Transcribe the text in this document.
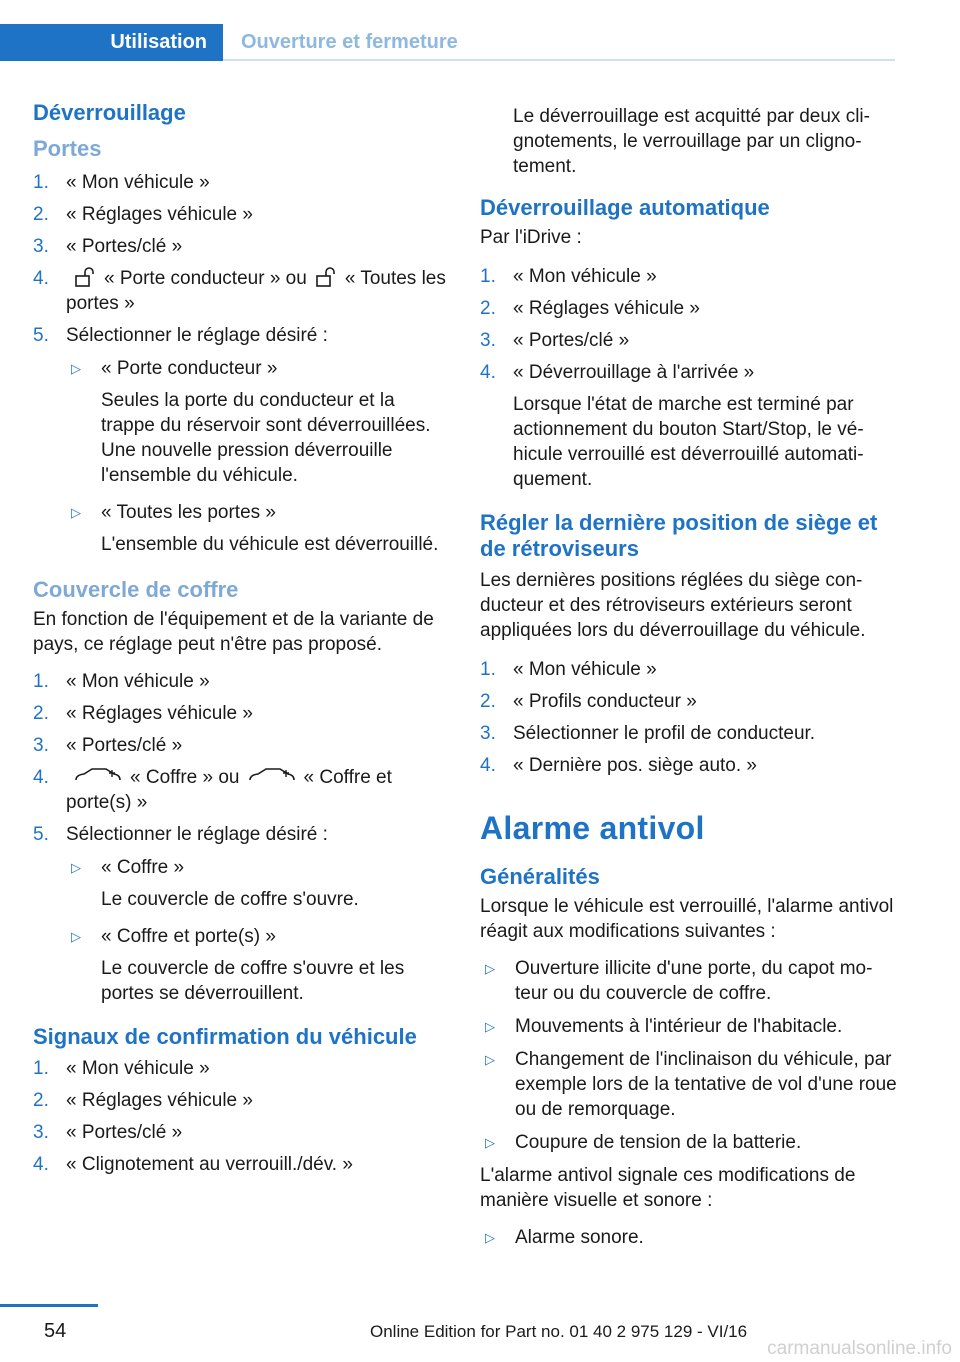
Utilisation	Ouverture et fermeture
Déverrouillage
Portes
1. « Mon véhicule »
2. « Réglages véhicule »
3. « Portes/clé »
4.	« Porte conducteur » ou « Toutes les portes »
5. Sélectionner le réglage désiré :
▷ « Porte conducteur »
Seules la porte du conducteur et la trappe du réservoir sont déverrouillées. Une nouvelle pression déverrouille l'ensemble du véhicule.
▷ « Toutes les portes »
L'ensemble du véhicule est déverrouillé.
Couvercle de coffre

En fonction de l'équipement et de la variante de pays, ce réglage peut n'être pas proposé.

1. « Mon véhicule »
2. « Réglages véhicule »
3. « Portes/clé »
4.	« Coffre » ou	« Coffre et porte(s) »
5. Sélectionner le réglage désiré :
▷ « Coffre »
Le couvercle de coffre s'ouvre.
▷ « Coffre et porte(s) »
Le couvercle de coffre s'ouvre et les portes se déverrouillent.
Signaux de confirmation du véhicule
1. « Mon véhicule »
2. « Réglages véhicule »
3. « Portes/clé »
4. « Clignotement au verrouill./dév. »
Le déverrouillage est acquitté par deux clignotements, le verrouillage par un clignotement.
Déverrouillage automatique

Par l'iDrive :

1. « Mon véhicule »
2. « Réglages véhicule »
3. « Portes/clé »
4. « Déverrouillage à l'arrivée »
Lorsque l'état de marche est terminé par actionnement du bouton Start/Stop, le véhicule verrouillé est déverrouillé automatiquement.
Régler la dernière position de siège et de rétroviseurs

Les dernières positions réglées du siège conducteur et des rétroviseurs extérieurs seront appliquées lors du déverrouillage du véhicule.

1. « Mon véhicule »
2. « Profils conducteur »
3. Sélectionner le profil de conducteur.
4. « Dernière pos. siège auto. »
Alarme antivol
Généralités

Lorsque le véhicule est verrouillé, l'alarme antivol réagit aux modifications suivantes :

▷ Ouverture illicite d'une porte, du capot moteur ou du couvercle de coffre.
▷ Mouvements à l'intérieur de l'habitacle.
▷ Changement de l'inclinaison du véhicule, par exemple lors de la tentative de vol d'une roue ou de remorquage.
▷ Coupure de tension de la batterie.

L'alarme antivol signale ces modifications de manière visuelle et sonore :

▷ Alarme sonore.
54	Online Edition for Part no. 01 40 2 975 129 - VI/16
carmanualsonline.info
